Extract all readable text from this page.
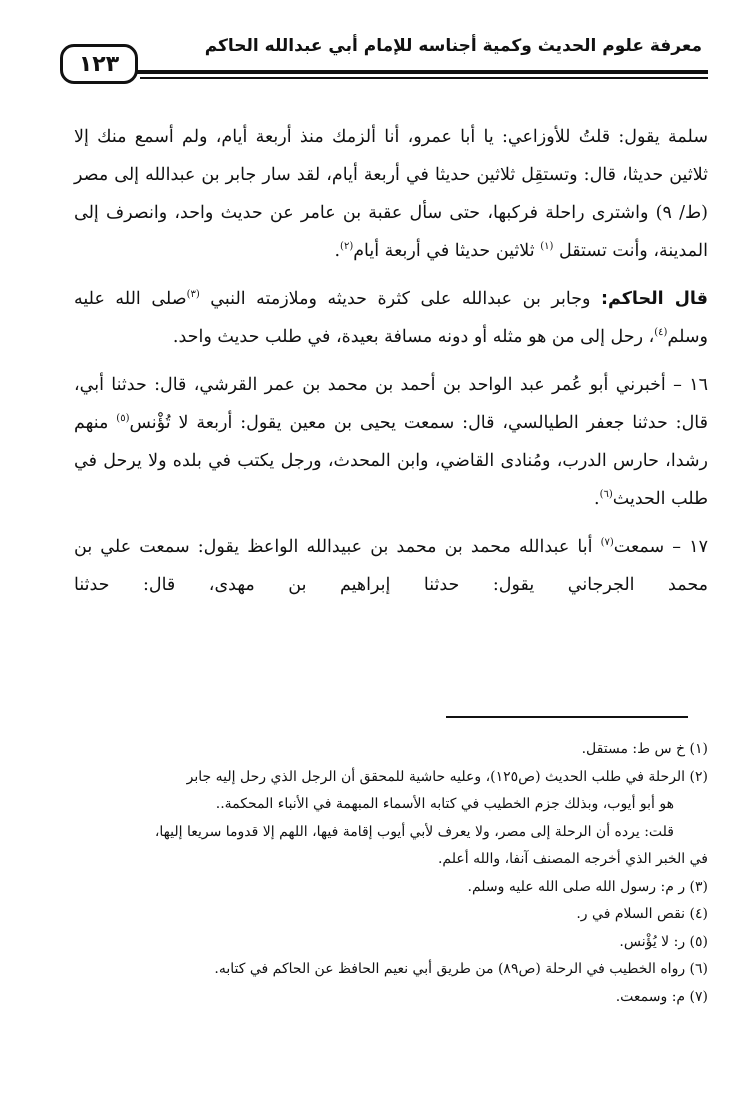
١٢٣
معرفة علوم الحديث وكمية أجناسه للإمام أبي عبدالله الحاكم

سلمة يقول: قلتُ للأوزاعي: يا أبا عمرو، أنا ألزمك منذ أربعة أيام، ولم أسمع منك إلا ثلاثين حديثا، قال: وتستقِل ثلاثين حديثا في أربعة أيام، لقد سار جابر بن عبدالله إلى مصر (ط/ ٩) واشترى راحلة فركبها، حتى سأل عقبة بن عامر عن حديث واحد، وانصرف إلى المدينة، وأنت تستقل $^{(١)}$ ثلاثين حديثا في أربعة أيام$^{(٢)}$.

قال الحاكم: وجابر بن عبدالله على كثرة حديثه وملازمته النبي $^{(٣)}$صلى الله عليه وسلم$^{(٤)}$، رحل إلى من هو مثله أو دونه مسافة بعيدة، في طلب حديث واحد.

١٦ – أخبرني أبو عُمر عبد الواحد بن أحمد بن محمد بن عمر القرشي، قال: حدثنا أبي، قال: حدثنا جعفر الطيالسي، قال: سمعت يحيى بن معين يقول: أربعة لا تُؤْنس$^{(٥)}$ منهم رشدا، حارس الدرب، ومُنادى القاضي، وابن المحدث، ورجل يكتب في بلده ولا يرحل في طلب الحديث$^{(٦)}$.

١٧ – سمعت$^{(٧)}$ أبا عبدالله محمد بن محمد بن عبيدالله الواعظ يقول: سمعت علي بن محمد الجرجاني يقول: حدثنا إبراهيم بن مهدى، قال: حدثنا

(١) خ س ط: مستقل.

(٢) الرحلة في طلب الحديث (ص١٢٥)، وعليه حاشية للمحقق أن الرجل الذي رحل إليه جابر

هو أبو أيوب، وبذلك جزم الخطيب في كتابه الأسماء المبهمة في الأنباء المحكمة..

قلت: يرده أن الرحلة إلى مصر، ولا يعرف لأبي أيوب إقامة فيها، اللهم إلا قدوما سريعا إليها،

في الخبر الذي أخرجه المصنف آنفا، والله أعلم.

(٣) ر م: رسول الله صلى الله عليه وسلم.

(٤) نقص السلام في ر.

(٥) ر: لا يُؤْنس.

(٦) رواه الخطيب في الرحلة (ص٨٩) من طريق أبي نعيم الحافظ عن الحاكم في كتابه.

(٧) م: وسمعت.
